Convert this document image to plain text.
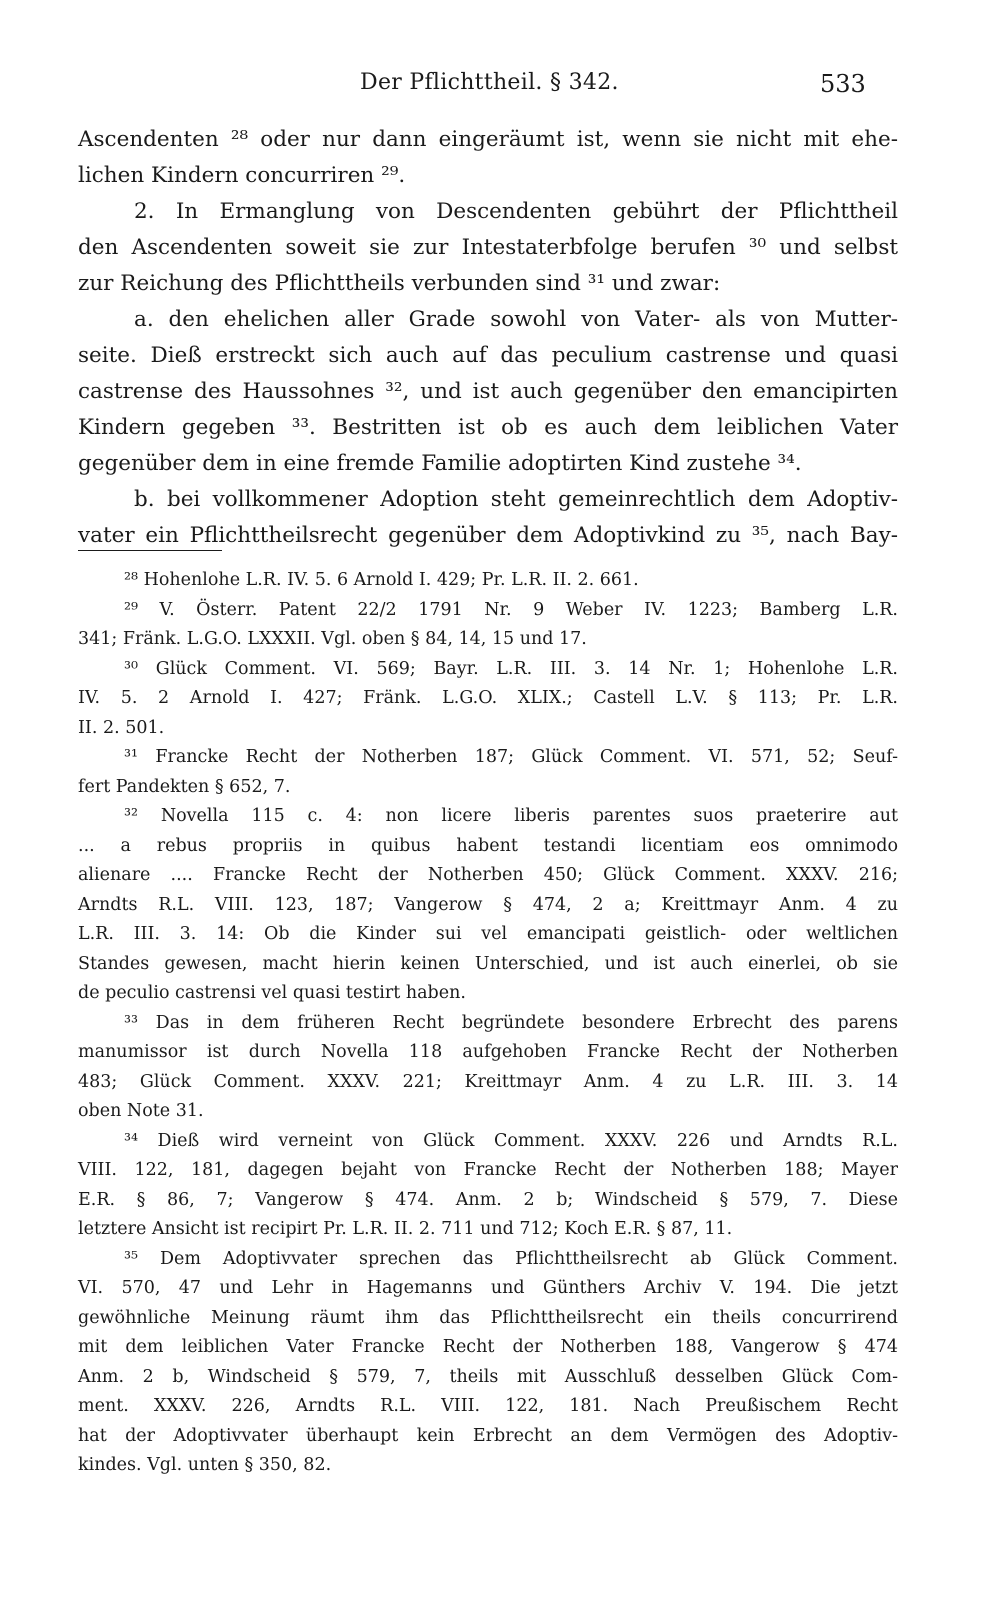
Der Pflichttheil. § 342.	533
Ascendenten ²⁸ oder nur dann eingeräumt ist, wenn sie nicht mit ehe-
lichen Kindern concurriren ²⁹.
2. In Ermanglung von Descendenten gebührt der Pflichttheil
den Ascendenten soweit sie zur Intestaterbfolge berufen ³⁰ und selbst
zur Reichung des Pflichttheils verbunden sind ³¹ und zwar:
a. den ehelichen aller Grade sowohl von Vater- als von Mutter-
seite. Dieß erstreckt sich auch auf das peculium castrense und quasi
castrense des Haussohnes ³², und ist auch gegenüber den emancipirten
Kindern gegeben ³³. Bestritten ist ob es auch dem leiblichen Vater
gegenüber dem in eine fremde Familie adoptirten Kind zustehe ³⁴.
b. bei vollkommener Adoption steht gemeinrechtlich dem Adoptiv-
vater ein Pflichttheilsrecht gegenüber dem Adoptivkind zu ³⁵, nach Bay-
²⁸ Hohenlohe L.R. IV. 5. 6 Arnold I. 429; Pr. L.R. II. 2. 661.
²⁹ V. Österr. Patent 22/2 1791 Nr. 9 Weber IV. 1223; Bamberg L.R.
341; Fränk. L.G.O. LXXXII. Vgl. oben § 84, 14, 15 und 17.
³⁰ Glück Comment. VI. 569; Bayr. L.R. III. 3. 14 Nr. 1; Hohenlohe L.R.
IV. 5. 2 Arnold I. 427; Fränk. L.G.O. XLIX.; Castell L.V. § 113; Pr. L.R.
II. 2. 501.
³¹ Francke Recht der Notherben 187; Glück Comment. VI. 571, 52; Seuf-
fert Pandekten § 652, 7.
³² Novella 115 c. 4: non licere liberis parentes suos praeterire aut
... a rebus propriis in quibus habent testandi licentiam eos omnimodo
alienare .... Francke Recht der Notherben 450; Glück Comment. XXXV. 216;
Arndts R.L. VIII. 123, 187; Vangerow § 474, 2 a; Kreittmayr Anm. 4 zu
L.R. III. 3. 14: Ob die Kinder sui vel emancipati geistlich- oder weltlichen
Standes gewesen, macht hierin keinen Unterschied, und ist auch einerlei, ob sie
de peculio castrensi vel quasi testirt haben.
³³ Das in dem früheren Recht begründete besondere Erbrecht des parens
manumissor ist durch Novella 118 aufgehoben Francke Recht der Notherben
483; Glück Comment. XXXV. 221; Kreittmayr Anm. 4 zu L.R. III. 3. 14
oben Note 31.
³⁴ Dieß wird verneint von Glück Comment. XXXV. 226 und Arndts R.L.
VIII. 122, 181, dagegen bejaht von Francke Recht der Notherben 188; Mayer
E.R. § 86, 7; Vangerow § 474. Anm. 2 b; Windscheid § 579, 7. Diese
letztere Ansicht ist recipirt Pr. L.R. II. 2. 711 und 712; Koch E.R. § 87, 11.
³⁵ Dem Adoptivvater sprechen das Pflichttheilsrecht ab Glück Comment.
VI. 570, 47 und Lehr in Hagemanns und Günthers Archiv V. 194. Die jetzt
gewöhnliche Meinung räumt ihm das Pflichttheilsrecht ein theils concurrirend
mit dem leiblichen Vater Francke Recht der Notherben 188, Vangerow § 474
Anm. 2 b, Windscheid § 579, 7, theils mit Ausschluß desselben Glück Com-
ment. XXXV. 226, Arndts R.L. VIII. 122, 181. Nach Preußischem Recht
hat der Adoptivvater überhaupt kein Erbrecht an dem Vermögen des Adoptiv-
kindes. Vgl. unten § 350, 82.
